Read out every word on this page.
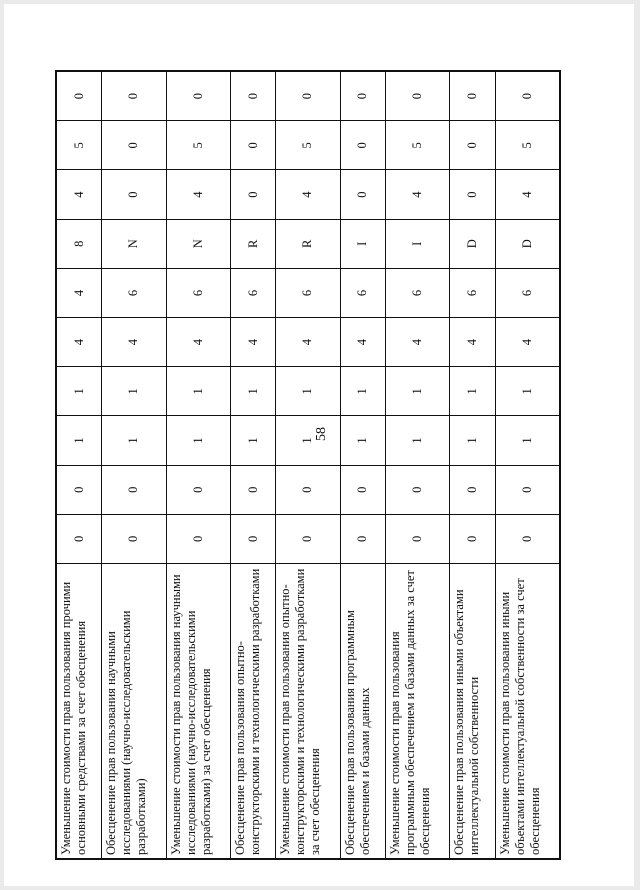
58
Уменьшение стоимости прав пользования прочими основными средствами за счет обесценения	0	0	1	1	4	4	8	4	5	0
Обесценение прав пользования научными исследованиями (научно-исследовательскими разработками)	0	0	1	1	4	6	N	0	0	0
Уменьшение стоимости прав пользования научными исследованиями (научно-исследовательскими разработками) за счет обесценения	0	0	1	1	4	6	N	4	5	0
Обесценение прав пользования опытно-конструкторскими и технологическими разработками	0	0	1	1	4	6	R	0	0	0
Уменьшение стоимости прав пользования опытно-конструкторскими и технологическими разработками за счет обесценения	0	0	1	1	4	6	R	4	5	0
Обесценение прав пользования программным обеспечением и базами данных	0	0	1	1	4	6	I	0	0	0
Уменьшение стоимости прав пользования программным обеспечением и базами данных за счет обесценения	0	0	1	1	4	6	I	4	5	0
Обесценение прав пользования иными объектами интеллектуальной собственности	0	0	1	1	4	6	D	0	0	0
Уменьшение стоимости прав пользования иными объектами интеллектуальной собственности за счет обесценения	0	0	1	1	4	6	D	4	5	0
